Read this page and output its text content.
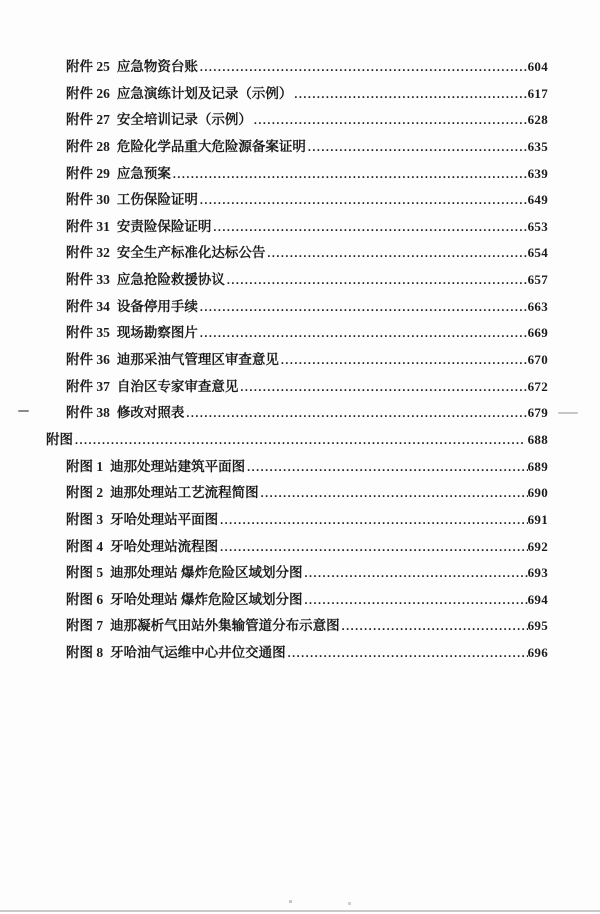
附件 25 应急物资台账 .....	604
附件 26 应急演练计划及记录（示例） .....	617
附件 27 安全培训记录（示例） .....	628
附件 28 危险化学品重大危险源备案证明 .....	635
附件 29 应急预案 .....	639
附件 30 工伤保险证明 .....	649
附件 31 安责险保险证明 .....	653
附件 32 安全生产标准化达标公告 .....	654
附件 33 应急抢险救援协议 .....	657
附件 34 设备停用手续 .....	663
附件 35 现场勘察图片 .....	669
附件 36 迪那采油气管理区审查意见 .....	670
附件 37 自治区专家审查意见 .....	672
附件 38 修改对照表 .....	679
附图 .....	688
附图 1 迪那处理站建筑平面图 .....	689
附图 2 迪那处理站工艺流程简图 .....	690
附图 3 牙哈处理站平面图 .....	691
附图 4 牙哈处理站流程图 .....	692
附图 5 迪那处理站 爆炸危险区域划分图 .....	693
附图 6 牙哈处理站 爆炸危险区域划分图 .....	694
附图 7 迪那凝析气田站外集输管道分布示意图 .....	695
附图 8 牙哈油气运维中心井位交通图 .....	696
